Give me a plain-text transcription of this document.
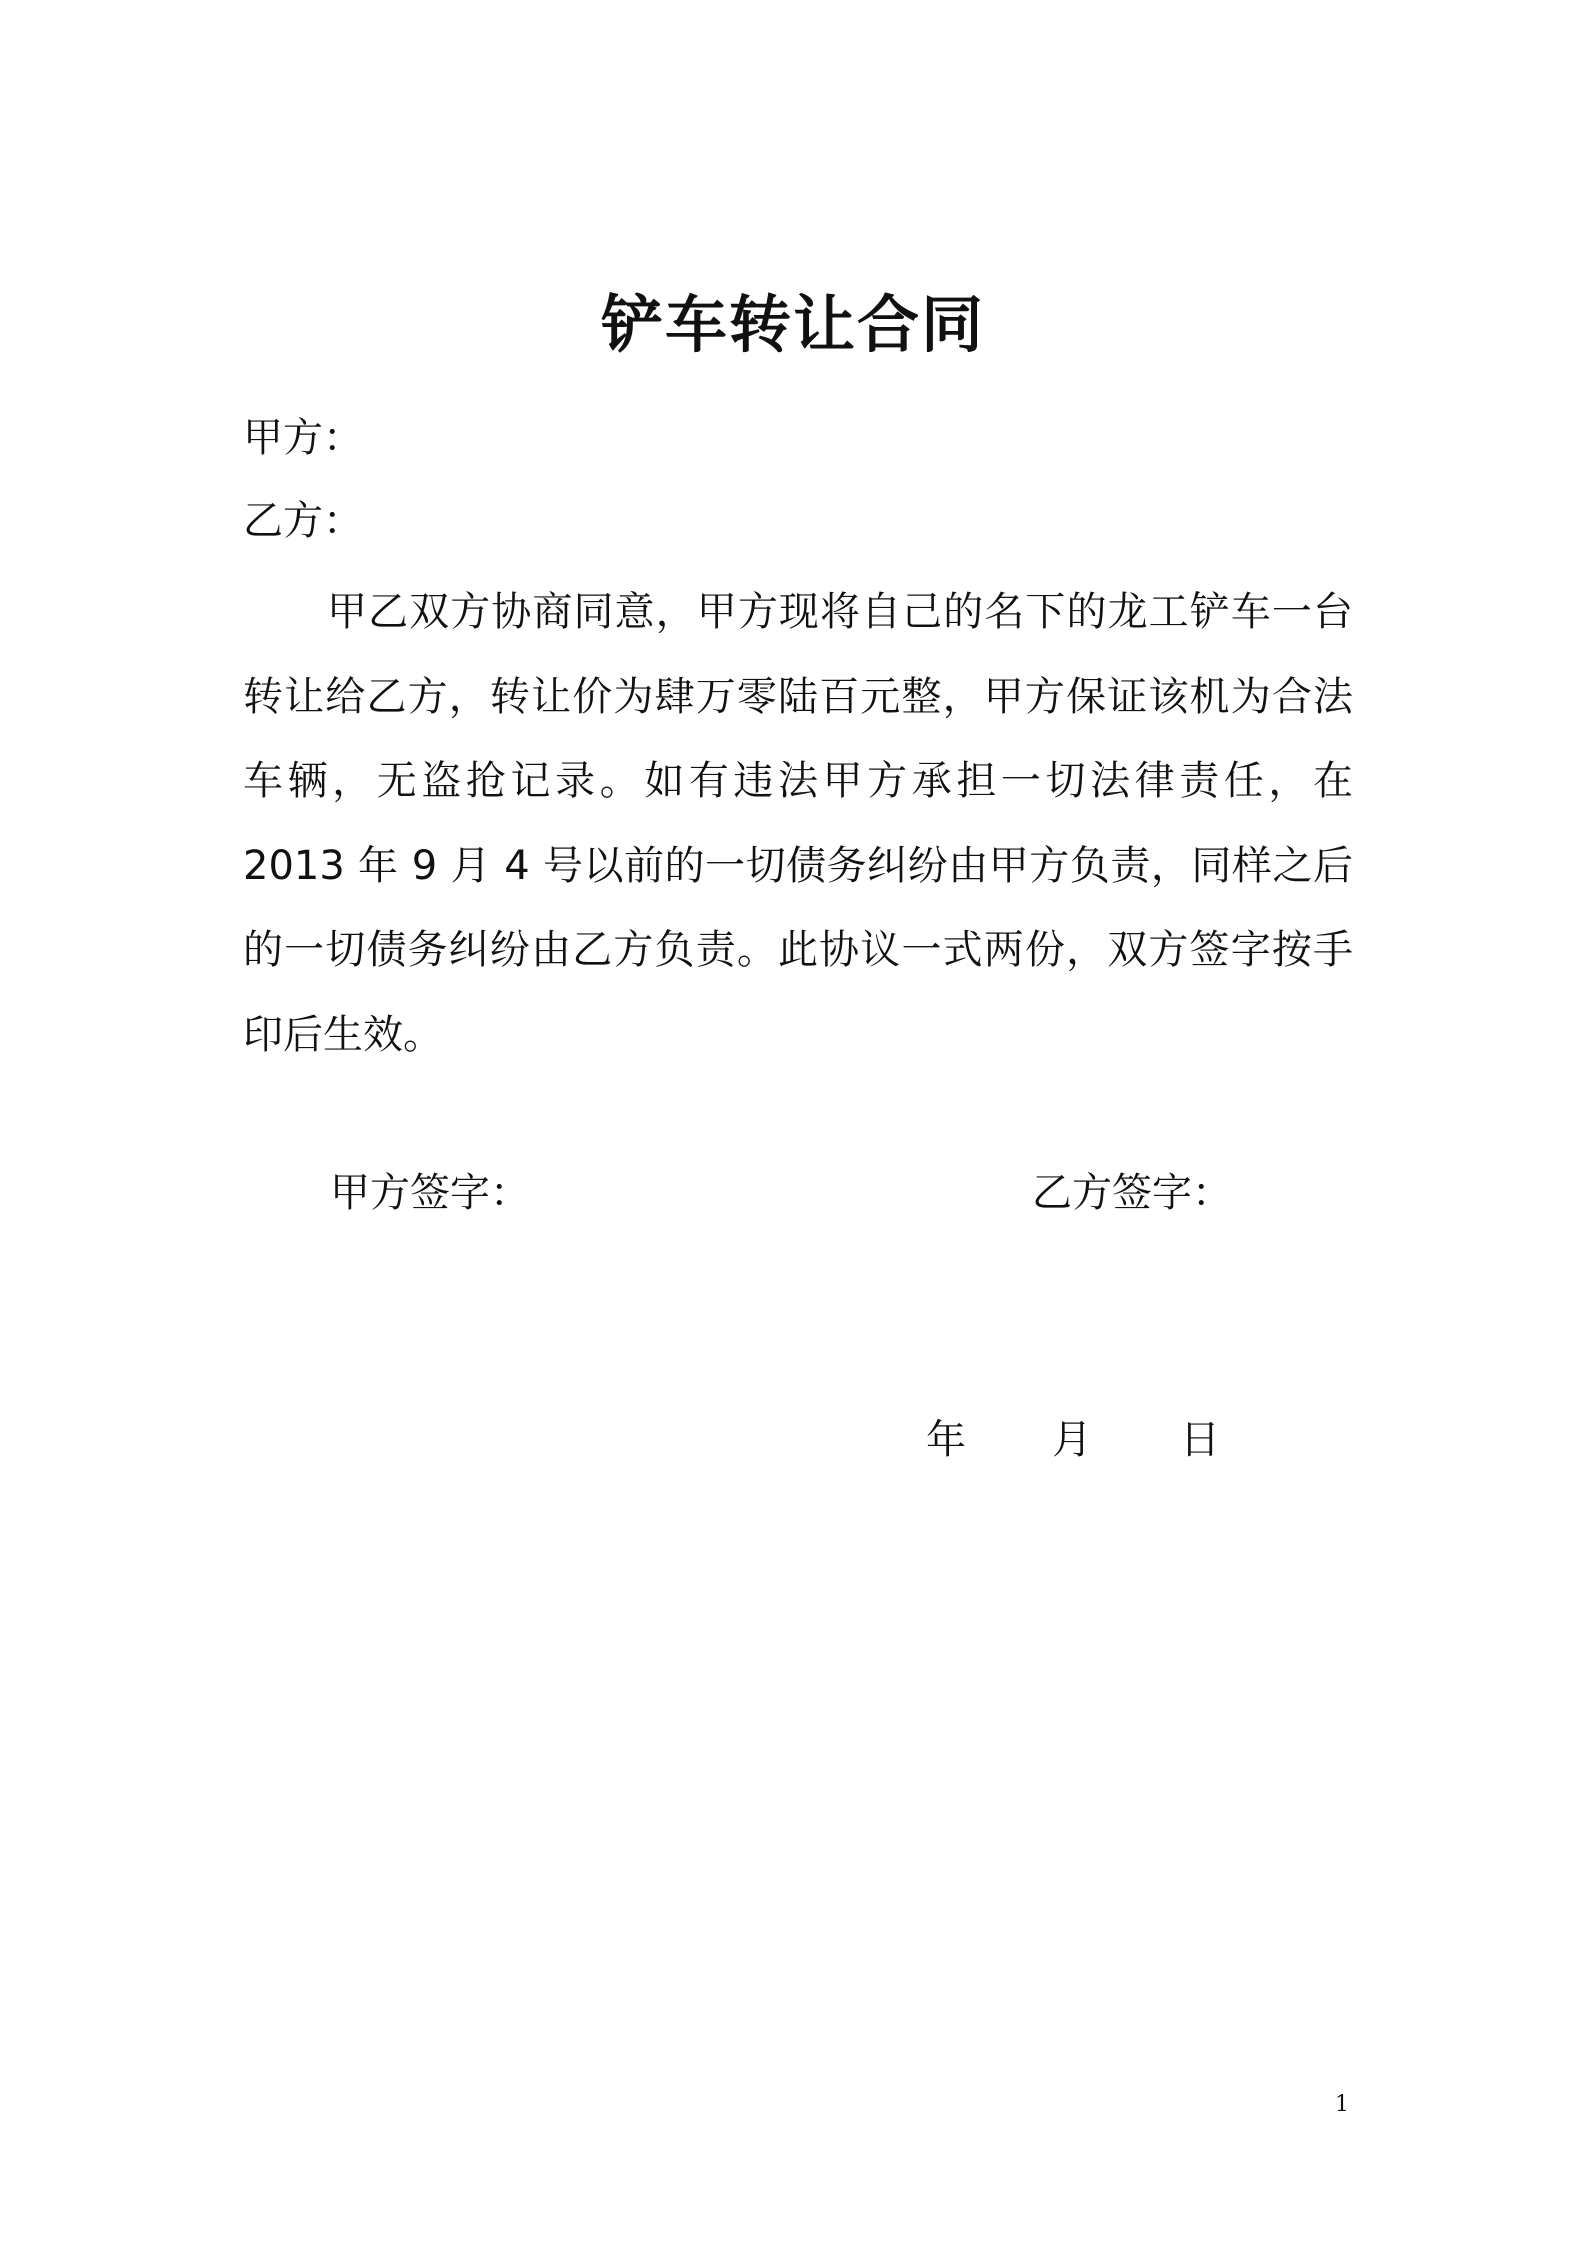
铲车转让合同
甲方：
乙方：

甲乙双方协商同意，甲方现将自己的名下的龙工铲车一台转让给乙方，转让价为肆万零陆百元整，甲方保证该机为合法车辆，无盗抢记录。如有违法甲方承担一切法律责任，在 2013 年 9 月 4 号以前的一切债务纠纷由甲方负责，同样之后的一切债务纠纷由乙方负责。此协议一式两份，双方签字按手印后生效。

甲方签字：	乙方签字：
年 月 日
1
